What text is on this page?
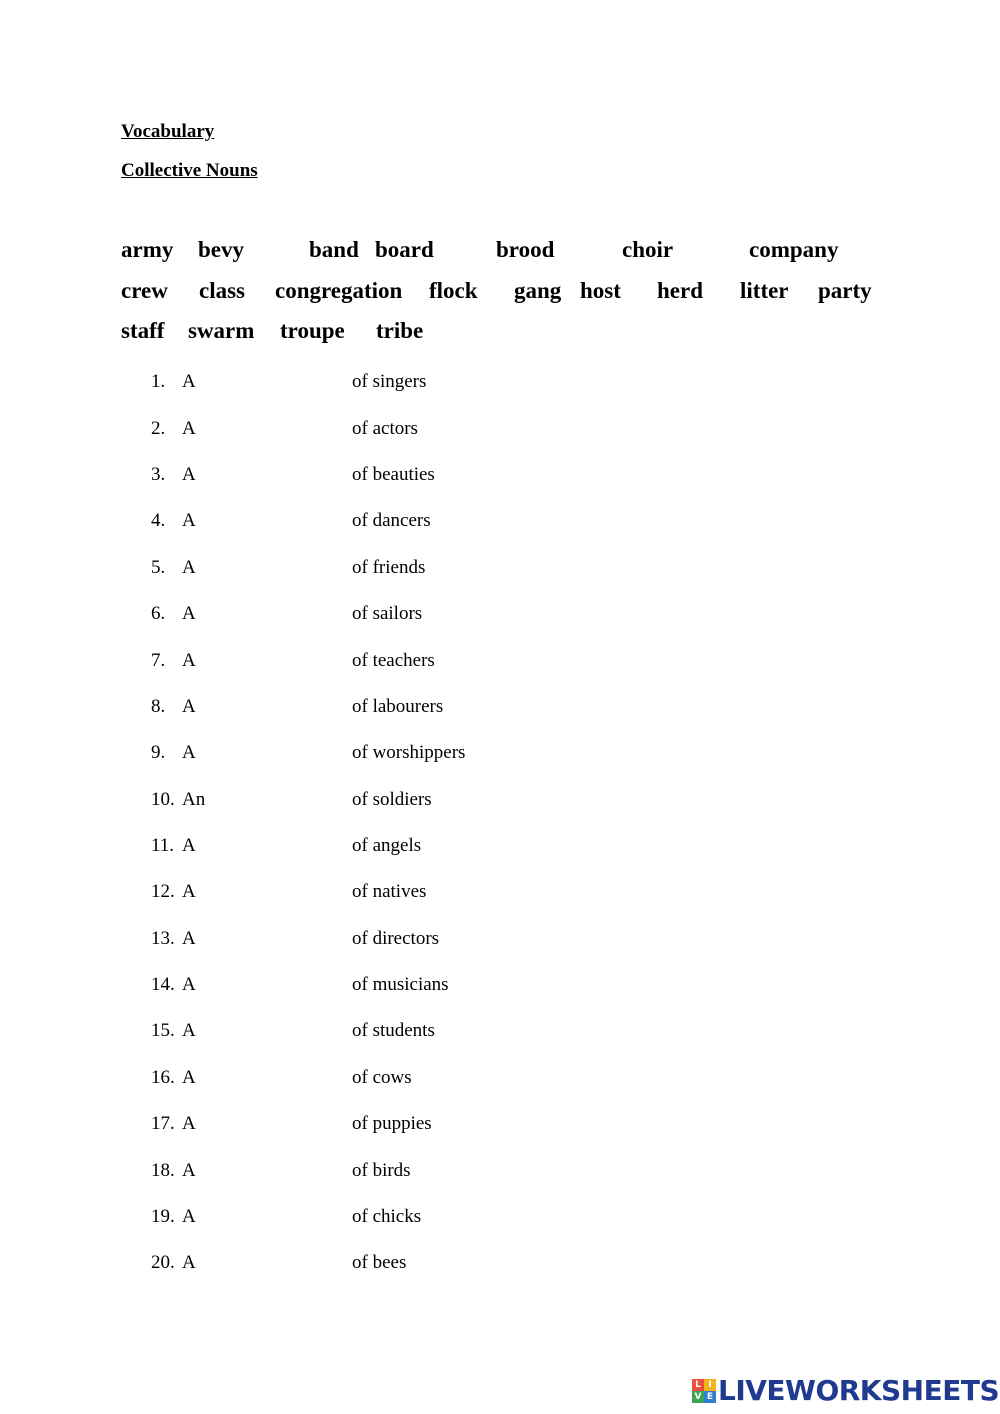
Vocabulary
Collective Nouns
army bevy	band board	brood	choir	company
crew class congregation flock gang host herd litter party
staff swarm troupe tribe
1. A	of singers
2. A	of actors
3. A	of beauties
4. A	of dancers
5. A	of friends
6. A	of sailors
7. A	of teachers
8. A	of labourers
9. A	of worshippers
10. An	of soldiers
11. A	of angels
12. A	of natives
13. A	of directors
14. A	of musicians
15. A	of students
16. A	of cows
17. A	of puppies
18. A	of birds
19. A	of chicks
20. A	of bees
L I
V E LIVEWORKSHEETS
